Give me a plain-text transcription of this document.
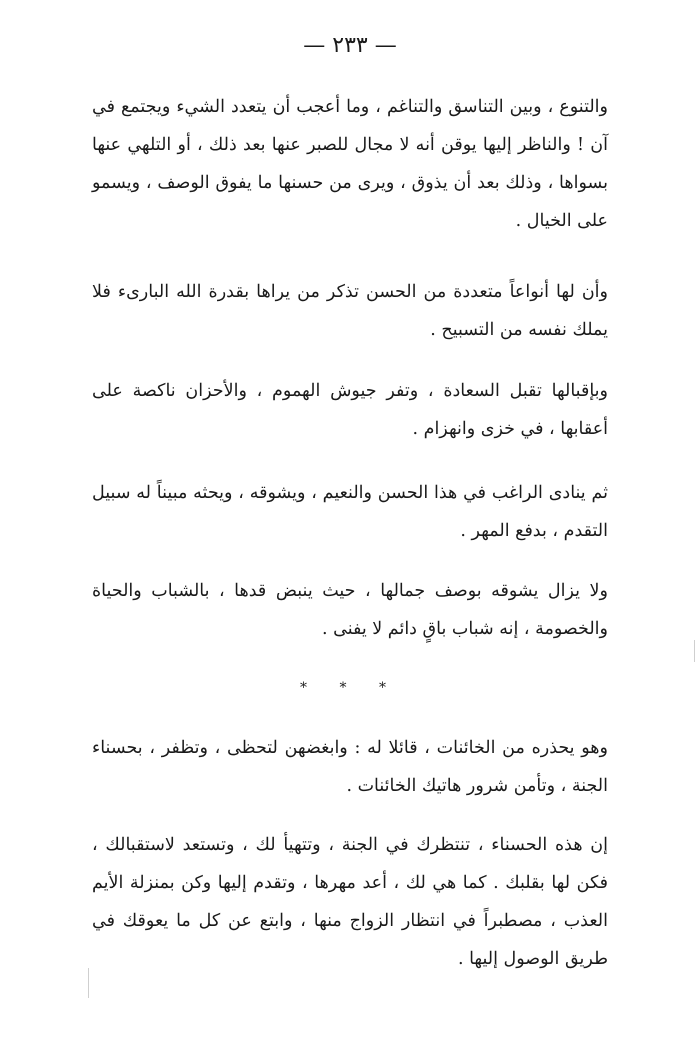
— ٢٣٣ —

والتنوع ، وبين التناسق والتناغم ، وما أعجب أن يتعدد الشيء ويجتمع في آن ! والناظر إليها يوقن أنه لا مجال للصبر عنها بعد ذلك ، أو التلهي عنها بسواها ، وذلك بعد أن يذوق ، ويرى من حسنها ما يفوق الوصف ، ويسمو على الخيال .

وأن لها أنواعاً متعددة من الحسن تذكر من يراها بقدرة الله البارىء فلا يملك نفسه من التسبيح .

وبإقبالها تقبل السعادة ، وتفر جيوش الهموم ، والأحزان ناكصة على أعقابها ، في خزى وانهزام .

ثم ينادى الراغب في هذا الحسن والنعيم ، ويشوقه ، ويحثه مبيناً له سبيل التقدم ، بدفع المهر .

ولا يزال يشوقه بوصف جمالها ، حيث ينبض قدها ، بالشباب والحياة والخصومة ، إنه شباب باقٍ دائم لا يفنى .

* * *

وهو يحذره من الخائنات ، قائلا له : وابغضهن لتحظى ، وتظفر ، بحسناء الجنة ، وتأمن شرور هاتيك الخائنات .

إن هذه الحسناء ، تنتظرك في الجنة ، وتتهيأ لك ، وتستعد لاستقبالك ، فكن لها بقلبك . كما هي لك ، أعد مهرها ، وتقدم إليها وكن بمنزلة الأيم العذب ، مصطبراً في انتظار الزواج منها ، وابتع عن كل ما يعوقك في طريق الوصول إليها .
